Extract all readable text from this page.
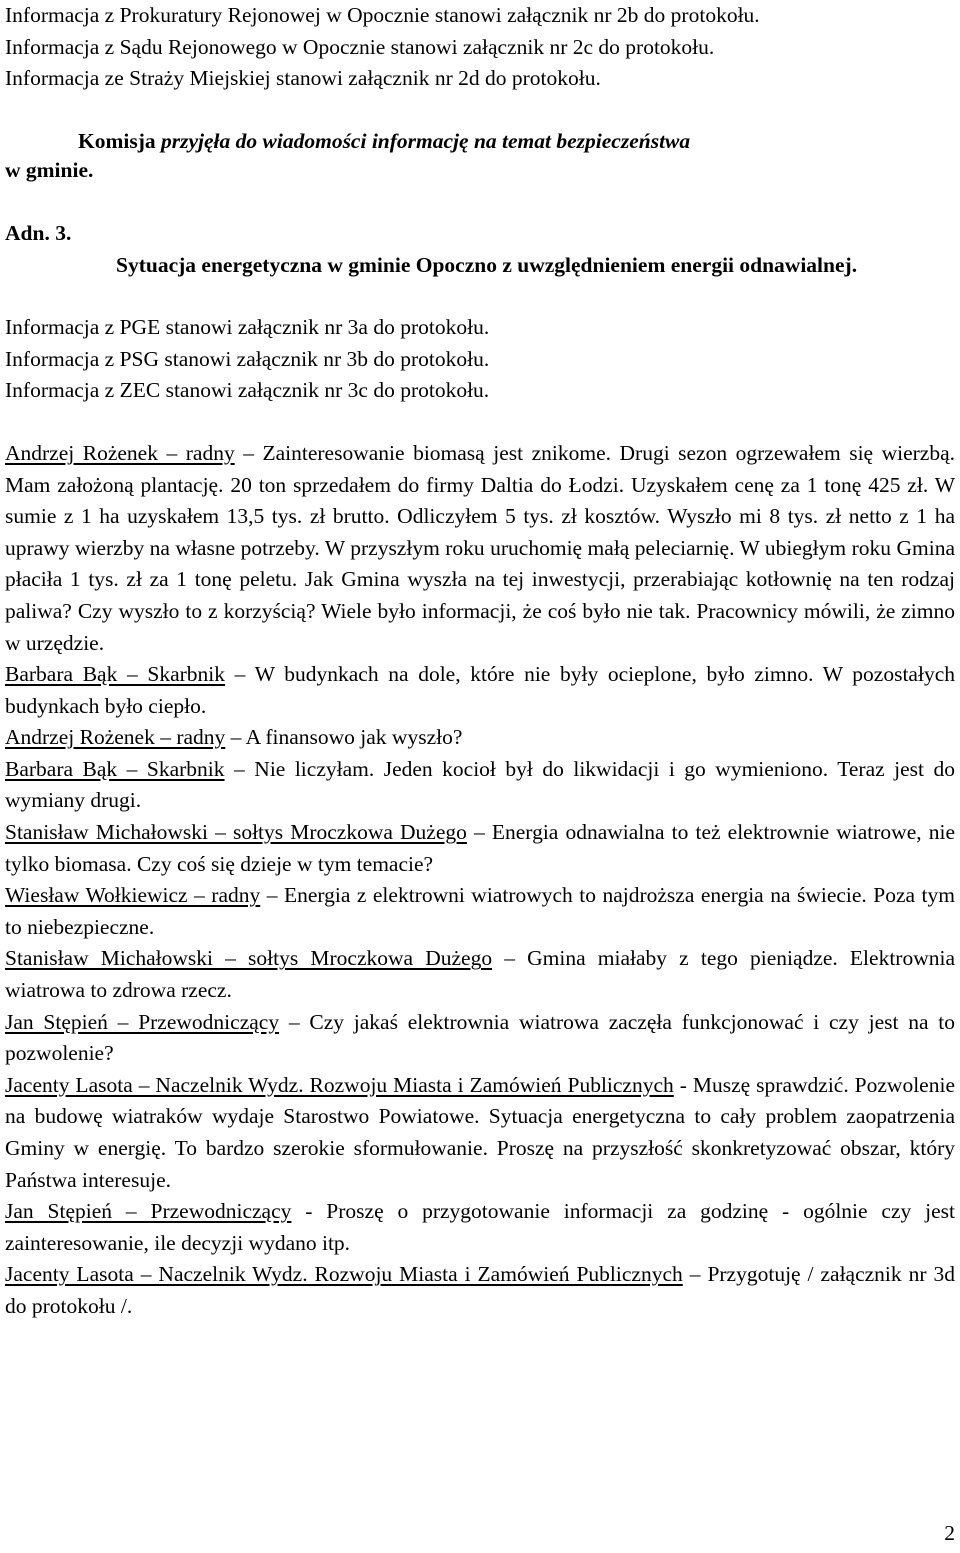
Informacja z Prokuratury Rejonowej w Opocznie stanowi załącznik nr 2b do protokołu.

Informacja z Sądu Rejonowego w Opocznie stanowi załącznik nr 2c do protokołu.

Informacja ze Straży Miejskiej stanowi załącznik nr 2d do protokołu.

Komisja przyjęła do wiadomości informację na temat bezpieczeństwa

w gminie.

Adn. 3.

Sytuacja energetyczna w gminie Opoczno z uwzględnieniem energii odnawialnej.

Informacja z PGE stanowi załącznik nr 3a do protokołu.

Informacja z PSG stanowi załącznik nr 3b do protokołu.

Informacja z ZEC stanowi załącznik nr 3c do protokołu.

Andrzej Rożenek – radny – Zainteresowanie biomasą jest znikome. Drugi sezon ogrzewałem się wierzbą. Mam założoną plantację. 20 ton sprzedałem do firmy Daltia do Łodzi. Uzyskałem cenę za 1 tonę 425 zł. W sumie z 1 ha uzyskałem 13,5 tys. zł brutto. Odliczyłem 5 tys. zł kosztów. Wyszło mi 8 tys. zł netto z 1 ha uprawy wierzby na własne potrzeby. W przyszłym roku uruchomię małą peleciarnię. W ubiegłym roku Gmina płaciła 1 tys. zł za 1 tonę peletu. Jak Gmina wyszła na tej inwestycji, przerabiając kotłownię na ten rodzaj paliwa? Czy wyszło to z korzyścią? Wiele było informacji, że coś było nie tak. Pracownicy mówili, że zimno w urzędzie.

Barbara Bąk – Skarbnik – W budynkach na dole, które nie były ocieplone, było zimno. W pozostałych budynkach było ciepło.

Andrzej Rożenek – radny – A finansowo jak wyszło?

Barbara Bąk – Skarbnik – Nie liczyłam. Jeden kocioł był do likwidacji i go wymieniono. Teraz jest do wymiany drugi.

Stanisław Michałowski – sołtys Mroczkowa Dużego – Energia odnawialna to też elektrownie wiatrowe, nie tylko biomasa. Czy coś się dzieje w tym temacie?

Wiesław Wołkiewicz – radny – Energia z elektrowni wiatrowych to najdroższa energia na świecie. Poza tym to niebezpieczne.

Stanisław Michałowski – sołtys Mroczkowa Dużego – Gmina miałaby z tego pieniądze. Elektrownia wiatrowa to zdrowa rzecz.

Jan Stępień – Przewodniczący – Czy jakaś elektrownia wiatrowa zaczęła funkcjonować i czy jest na to pozwolenie?

Jacenty Lasota – Naczelnik Wydz. Rozwoju Miasta i Zamówień Publicznych - Muszę sprawdzić. Pozwolenie na budowę wiatraków wydaje Starostwo Powiatowe. Sytuacja energetyczna to cały problem zaopatrzenia Gminy w energię. To bardzo szerokie sformułowanie. Proszę na przyszłość skonkretyzować obszar, który Państwa interesuje.

Jan Stępień – Przewodniczący - Proszę o przygotowanie informacji za godzinę - ogólnie czy jest zainteresowanie, ile decyzji wydano itp.

Jacenty Lasota – Naczelnik Wydz. Rozwoju Miasta i Zamówień Publicznych – Przygotuję / załącznik nr 3d do protokołu /.

2
